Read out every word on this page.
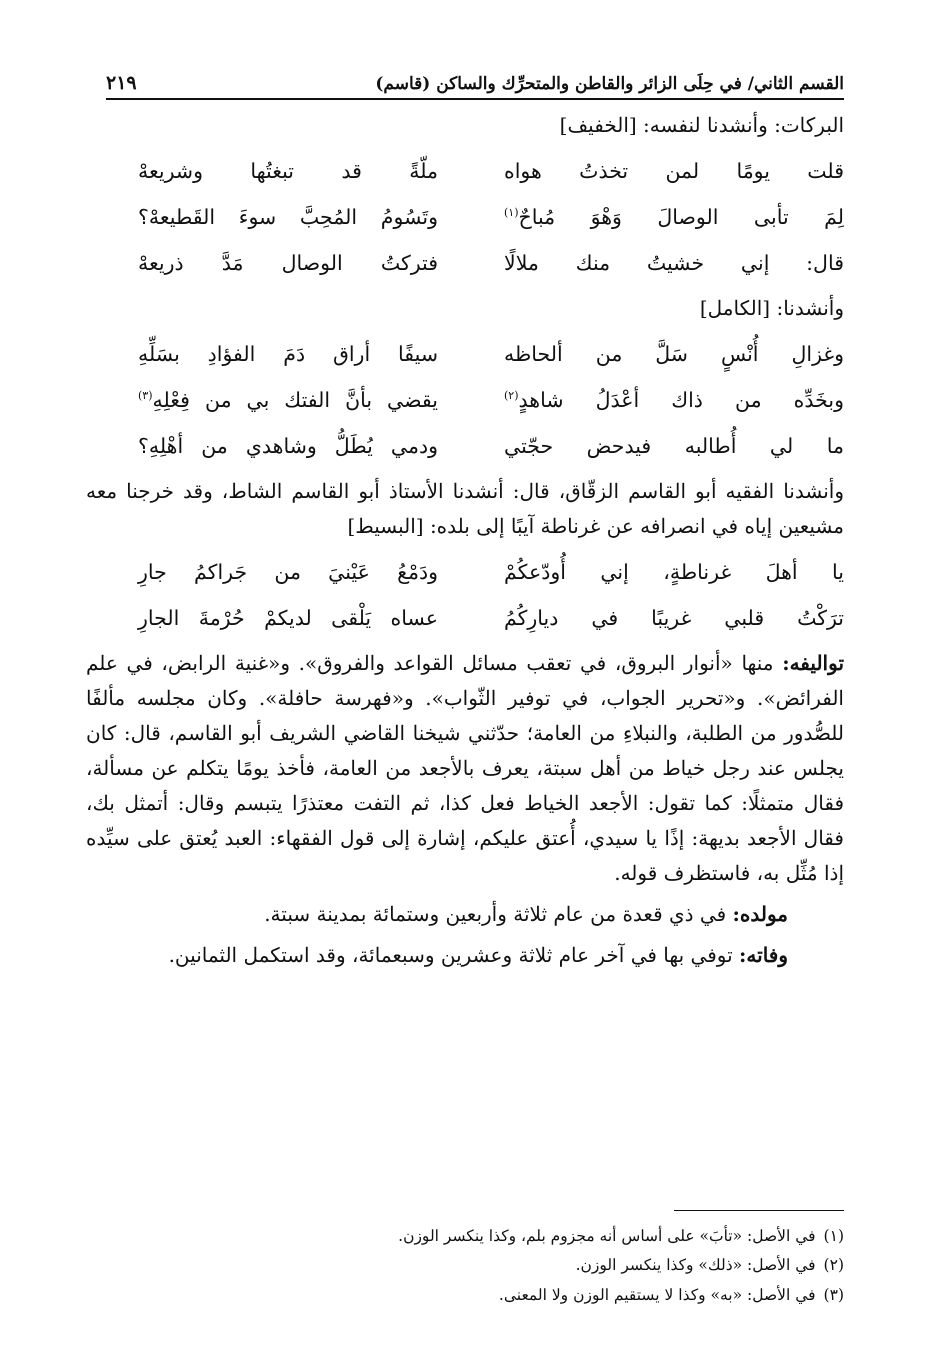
القسم الثاني/ في حِلَى الزائر والقاطن والمتحرِّك والساكن (قاسم)
٢١٩

البركات: وأنشدنا لنفسه: [الخفيف]

قلت يومًا لمن تخذتُ هواه
ملّةً قد تبغتُها وشريعهْ
لِمَ تأبى الوصالَ وَهْوَ مُباحٌ$^{(١)}$
وتَسُومُ المُحِبَّ سوءَ القَطيعهْ؟
قال: إني خشيتُ منك ملالًا
فتركتُ الوصال مَدَّ ذريعهْ

وأنشدنا: [الكامل]

وغزالِ أُنْسٍ سَلَّ من ألحاظه
سيفًا أراق دَمَ الفؤادِ بسَلِّهِ
وبخَدِّه من ذاك أعْدَلُ شاهدٍ$^{(٢)}$
يقضي بأنَّ الفتك بي من فِعْلِهِ$^{(٣)}$
ما لي أُطالبه فيدحض حجّتي
ودمي يُطَلُّ وشاهدي من أهْلِهِ؟

وأنشدنا الفقيه أبو القاسم الزقّاق، قال: أنشدنا الأستاذ أبو القاسم الشاط، وقد خرجنا معه مشيعين إياه في انصرافه عن غرناطة آيبًا إلى بلده: [البسيط]

يا أهلَ غرناطةٍ، إني أُودّعكُمْ
ودَمْعُ عَيْنيَ من جَراكمُ جارِ
ترَكْتُ قلبي غريبًا في ديارِكُمُ
عساه يَلْقى لديكمْ حُرْمةَ الجارِ

تواليفه: منها «أنوار البروق، في تعقب مسائل القواعد والفروق». و«غنية الرابض، في علم الفرائض». و«تحرير الجواب، في توفير الثّواب». و«فهرسة حافلة». وكان مجلسه مألفًا للصُّدور من الطلبة، والنبلاءِ من العامة؛ حدّثني شيخنا القاضي الشريف أبو القاسم، قال: كان يجلس عند رجل خياط من أهل سبتة، يعرف بالأجعد من العامة، فأخذ يومًا يتكلم عن مسألة، فقال متمثلًا: كما تقول: الأجعد الخياط فعل كذا، ثم التفت معتذرًا يتبسم وقال: أتمثل بك، فقال الأجعد بديهة: إذًا يا سيدي، أُعتق عليكم، إشارة إلى قول الفقهاء: العبد يُعتق على سيِّده إذا مُثِّل به، فاستظرف قوله.

مولده: في ذي قعدة من عام ثلاثة وأربعين وستمائة بمدينة سبتة.

وفاته: توفي بها في آخر عام ثلاثة وعشرين وسبعمائة، وقد استكمل الثمانين.

(١)
في الأصل: «تأبَ» على أساس أنه مجزوم بلم، وكذا ينكسر الوزن.
(٢)
في الأصل: «ذلك» وكذا ينكسر الوزن.
(٣)
في الأصل: «به» وكذا لا يستقيم الوزن ولا المعنى.
